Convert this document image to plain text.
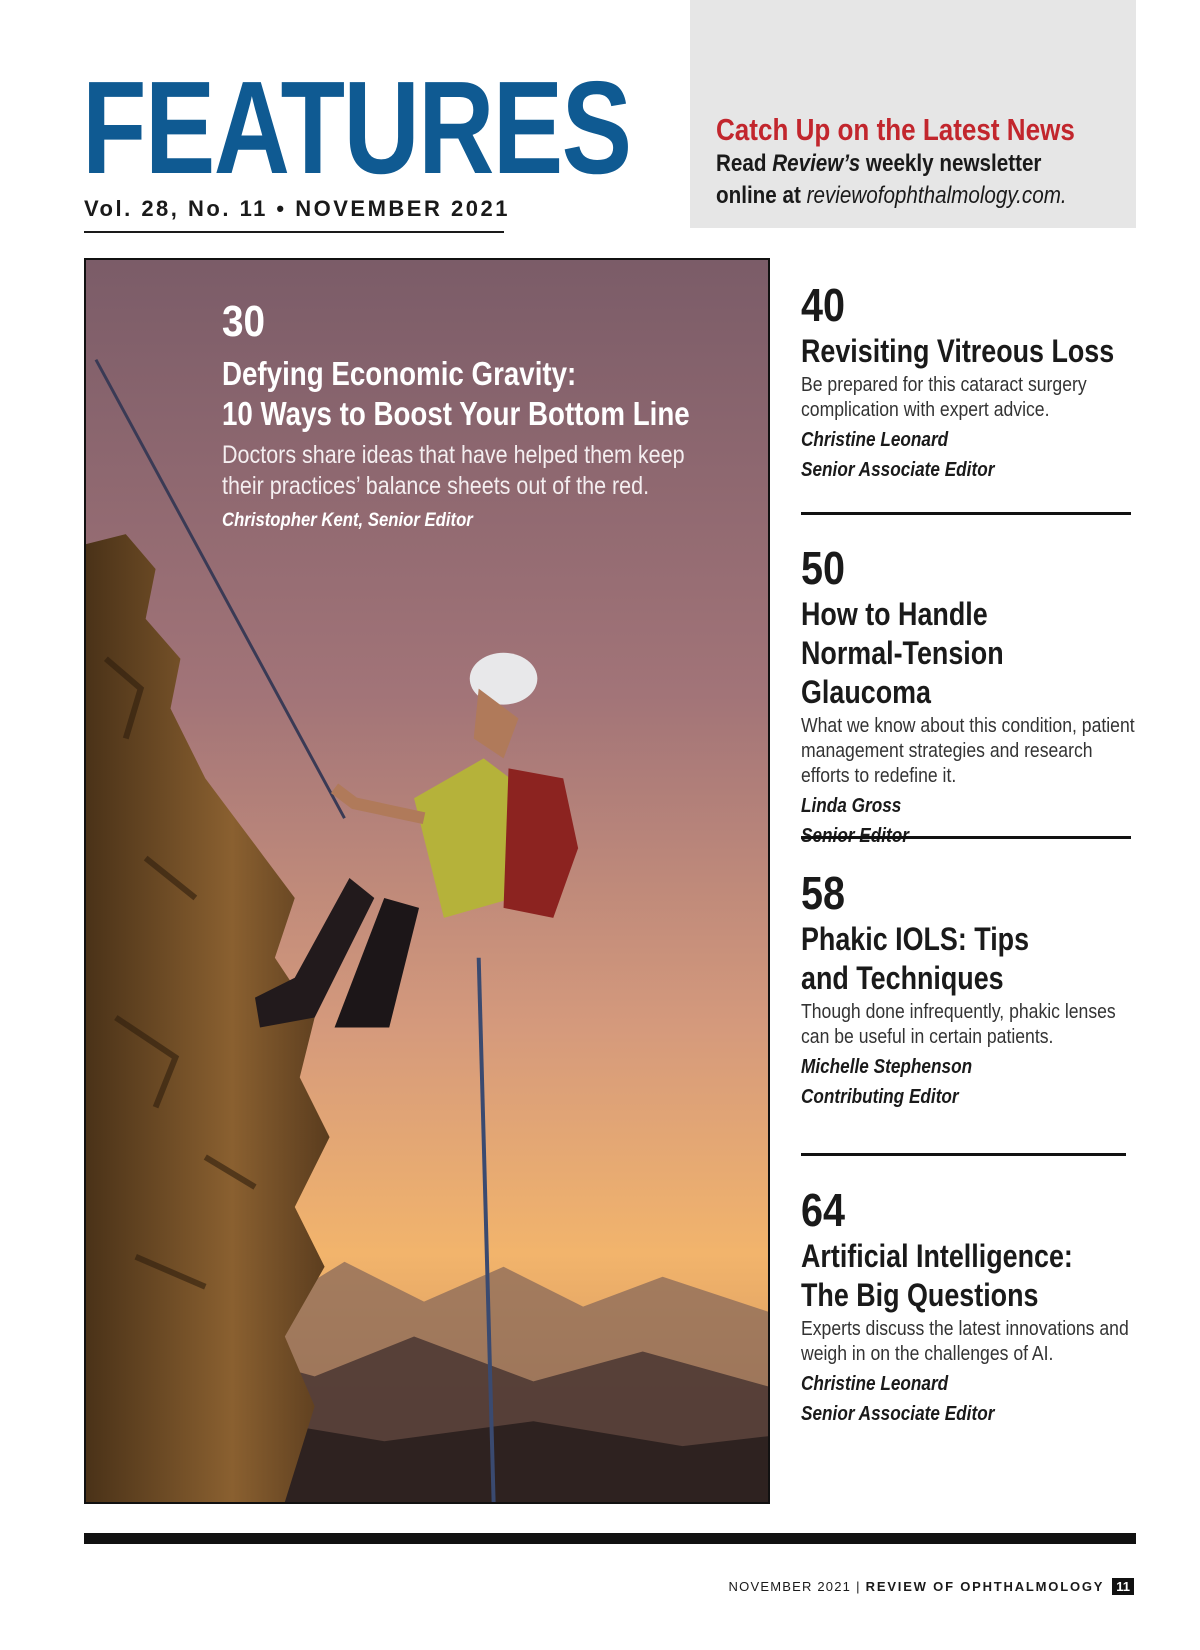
FEATURES
Vol. 28, No. 11 • NOVEMBER 2021
Catch Up on the Latest News
Read Review’s weekly newsletter
online at reviewofophthalmology.com.
30
Defying Economic Gravity:
10 Ways to Boost Your Bottom Line

Doctors share ideas that have helped them keep their practices’ balance sheets out of the red.

Christopher Kent, Senior Editor

40
Revisiting Vitreous Loss

Be prepared for this cataract surgery complication with expert advice.

Christine Leonard

Senior Associate Editor

50
How to Handle Normal-Tension Glaucoma

What we know about this condition, patient management strategies and research efforts to redefine it.

Linda Gross

58
Phakic IOLS: Tips and Techniques

Though done infrequently, phakic lenses can be useful in certain patients.

Michelle Stephenson

Contributing Editor

64
Artificial Intelligence: The Big Questions

Experts discuss the latest innovations and weigh in on the challenges of AI.

Christine Leonard

Senior Associate Editor

NOVEMBER 2021 | REVIEW OF OPHTHALMOLOGY 11
